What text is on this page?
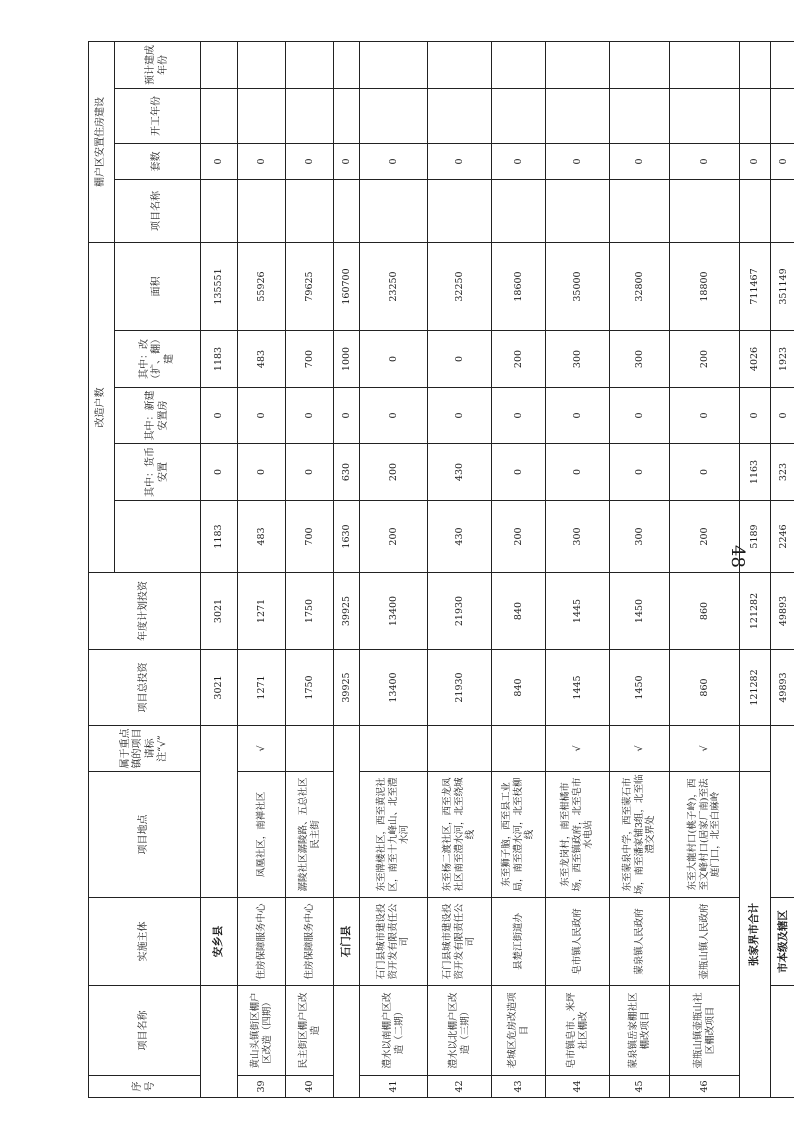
48
序号	项目名称	实施主体	项目地点	属于重点镇的项目请标注“√”	项目总投资	年度计划投资	改造户数					棚户区安置住房建设			
								其中：货币安置	其中：新建安置房	其中：改（扩、翻）建	面积	项目名称	套数	开工年份	预计建成年份
		安乡县			3021	3021	1183	0	0	1183	135551		0		
39	黄山头镇街区棚户区改造（四期）	住房保障服务中心	凤凰社区，南禅社区	√	1271	1271	483	0	0	483	55926		0		
40	民主街区棚户区改造	住房保障服务中心	潺陵社区潺陵路、五总社区民主街		1750	1750	700	0	0	700	79625		0		
		石门县			39925	39925	1630	630	0	1000	160700		0		
41	澧水以南棚户区改造（二期）	石门县城市建设投资开发有限责任公司	东至牌楼社区，西至黄泥社区，南至十九峰山、北至澧水河		13400	13400	200	200	0	0	23250		0		
42	澧水以北棚户区改造（三期）	石门县城市建设投资开发有限责任公司	东至杨二渡社区，西至龙凤社区南至澧水河，北至绕城线		21930	21930	430	430	0	0	32250		0		
43	老城区危房改造项目	县楚江街道办	东至狮子脑，西至县工业局，南至澧水河，北至枝柳线		840	840	200	0	0	200	18600		0		
44	皂市镇皂市、米坪社区棚改	皂市镇人民政府	东至龙岗村，南至柑橘市场，西至镇政府，北至皂市水电站	√	1445	1445	300	0	0	300	35000		0		
45	蒙泉镇岳家棚社区棚改项目	蒙泉镇人民政府	东至蒙泉中学，西至蒙石市场，南至潘家铺3组，北至临澧交界处	√	1450	1450	300	0	0	300	32800		0		
46	壶瓶山镇壶瓶山社区棚改项目	壶瓶山镇人民政府	东至大龍村口(桃子岭)，西至文峰村口(居家厂南)至法庭门口，北至白麻岭	√	860	860	200	0	0	200	18800		0		
张家界市合计					121282	121282	5189	1163	0	4026	711467		0		
		市本级及辖区			49893	49893	2246	323	0	1923	351149		0		
